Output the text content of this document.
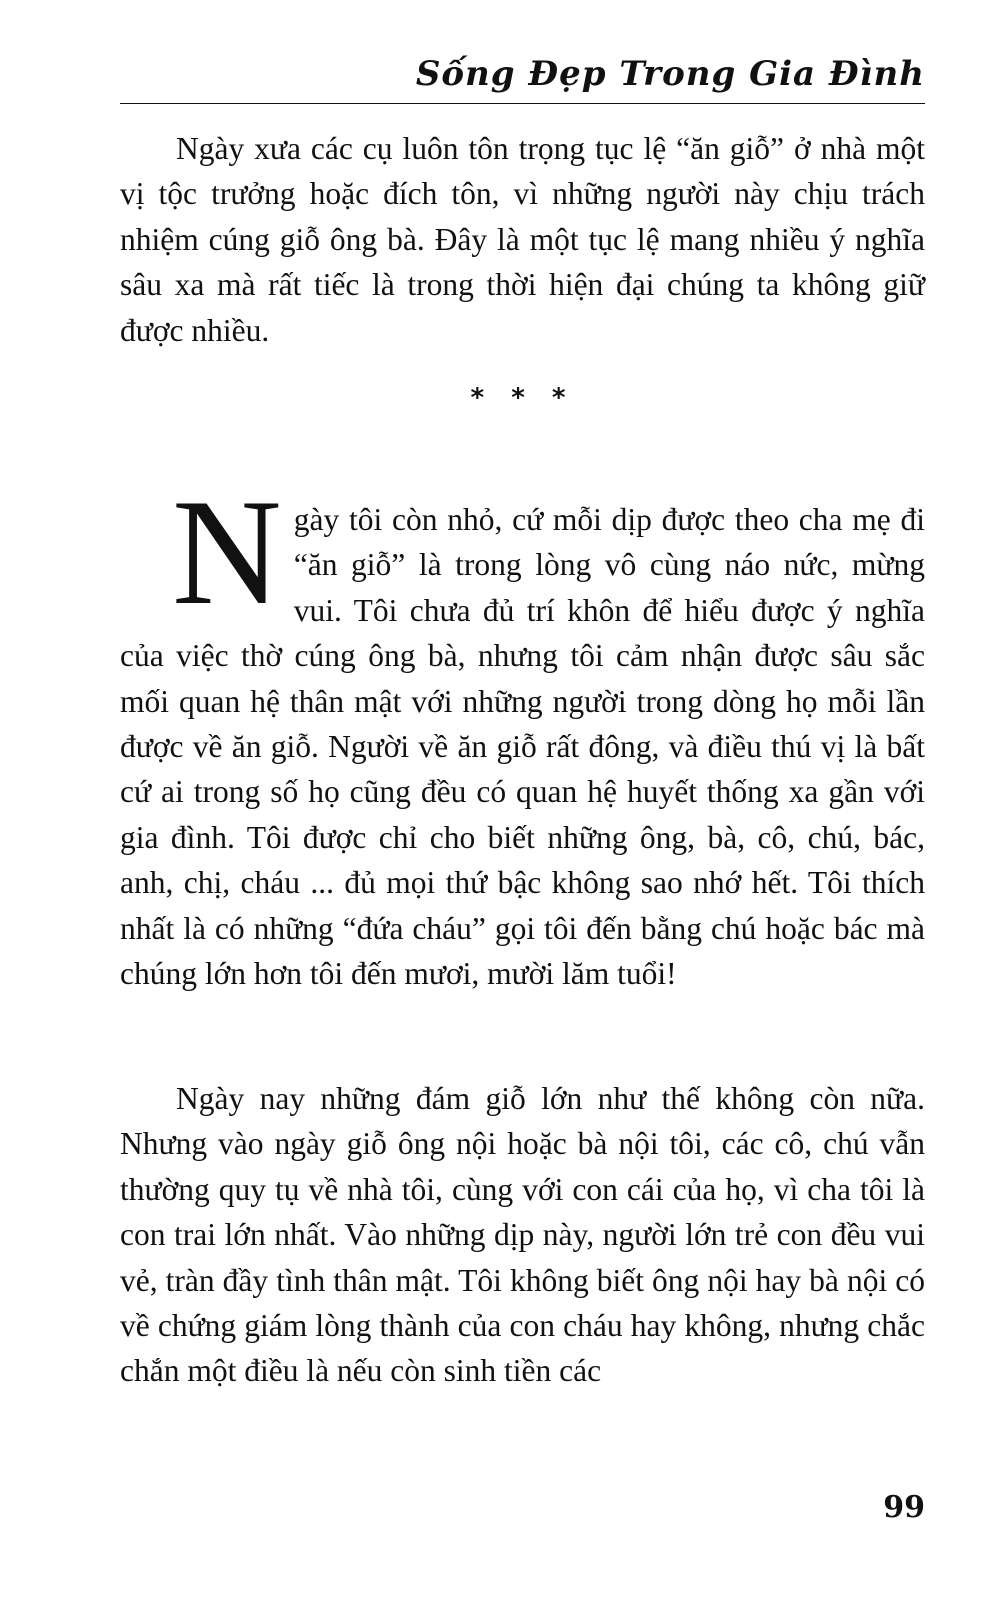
Sống Đẹp Trong Gia Đình

Ngày xưa các cụ luôn tôn trọng tục lệ “ăn giỗ” ở nhà một vị tộc trưởng hoặc đích tôn, vì những người này chịu trách nhiệm cúng giỗ ông bà. Đây là một tục lệ mang nhiều ý nghĩa sâu xa mà rất tiếc là trong thời hiện đại chúng ta không giữ được nhiều.

* * *

Ngày tôi còn nhỏ, cứ mỗi dịp được theo cha mẹ đi “ăn giỗ” là trong lòng vô cùng náo nức, mừng vui. Tôi chưa đủ trí khôn để hiểu được ý nghĩa của việc thờ cúng ông bà, nhưng tôi cảm nhận được sâu sắc mối quan hệ thân mật với những người trong dòng họ mỗi lần được về ăn giỗ. Người về ăn giỗ rất đông, và điều thú vị là bất cứ ai trong số họ cũng đều có quan hệ huyết thống xa gần với gia đình. Tôi được chỉ cho biết những ông, bà, cô, chú, bác, anh, chị, cháu ... đủ mọi thứ bậc không sao nhớ hết. Tôi thích nhất là có những “đứa cháu” gọi tôi đến bằng chú hoặc bác mà chúng lớn hơn tôi đến mươi, mười lăm tuổi!

Ngày nay những đám giỗ lớn như thế không còn nữa. Nhưng vào ngày giỗ ông nội hoặc bà nội tôi, các cô, chú vẫn thường quy tụ về nhà tôi, cùng với con cái của họ, vì cha tôi là con trai lớn nhất. Vào những dịp này, người lớn trẻ con đều vui vẻ, tràn đầy tình thân mật. Tôi không biết ông nội hay bà nội có về chứng giám lòng thành của con cháu hay không, nhưng chắc chắn một điều là nếu còn sinh tiền các

99
